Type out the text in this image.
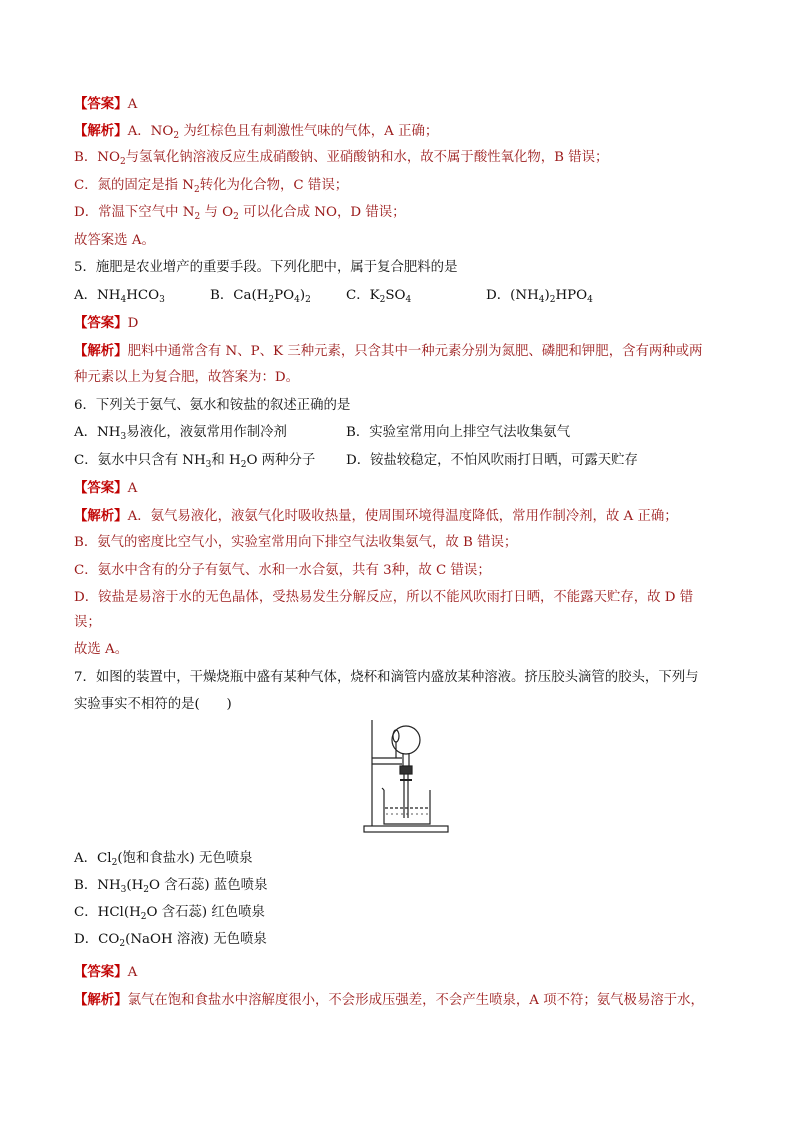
【答案】A
【解析】A．$NO_2$ 为红棕色且有刺激性气味的气体，A 正确；
B．$NO_2$与氢氧化钠溶液反应生成硝酸钠、亚硝酸钠和水，故不属于酸性氧化物，B 错误；
C．氮的固定是指 $N_2$转化为化合物，C 错误；
D．常温下空气中 $N_2$ 与 $O_2$ 可以化合成 NO，D 错误；
故答案选 A。
5．施肥是农业增产的重要手段。下列化肥中，属于复合肥料的是
A．$NH_4HCO_3$	B．$Ca(H_2PO_4)_2$	C．$K_2SO_4$	D．$(NH_4)_2HPO_4$
【答案】D
【解析】肥料中通常含有 N、P、K 三种元素，只含其中一种元素分别为氮肥、磷肥和钾肥，含有两种或两
种元素以上为复合肥，故答案为：D。
6．下列关于氨气、氨水和铵盐的叙述正确的是
A．$NH_3$易液化，液氨常用作制冷剂	B．实验室常用向上排空气法收集氨气
C．氨水中只含有 $NH_3$和 $H_2O$ 两种分子 D．铵盐较稳定，不怕风吹雨打日晒，可露天贮存
【答案】A
【解析】A．氨气易液化，液氨气化时吸收热量，使周围环境得温度降低，常用作制冷剂，故 A 正确；
B．氨气的密度比空气小，实验室常用向下排空气法收集氨气，故 B 错误；
C．氨水中含有的分子有氨气、水和一水合氨，共有 3种，故 C 错误；
D．铵盐是易溶于水的无色晶体，受热易发生分解反应，所以不能风吹雨打日晒，不能露天贮存，故 D 错
误；
故选 A。
7．如图的装置中，干燥烧瓶中盛有某种气体，烧杯和滴管内盛放某种溶液。挤压胶头滴管的胶头，下列与
实验事实不相符的是(　　)
A．$Cl_2$(饱和食盐水) 无色喷泉
B．$NH_3(H_2O$ 含石蕊) 蓝色喷泉
C．$HCl(H_2O$ 含石蕊) 红色喷泉
D．$CO_2(NaOH$ 溶液) 无色喷泉
【答案】A
【解析】氯气在饱和食盐水中溶解度很小，不会形成压强差，不会产生喷泉，A 项不符；氨气极易溶于水，
